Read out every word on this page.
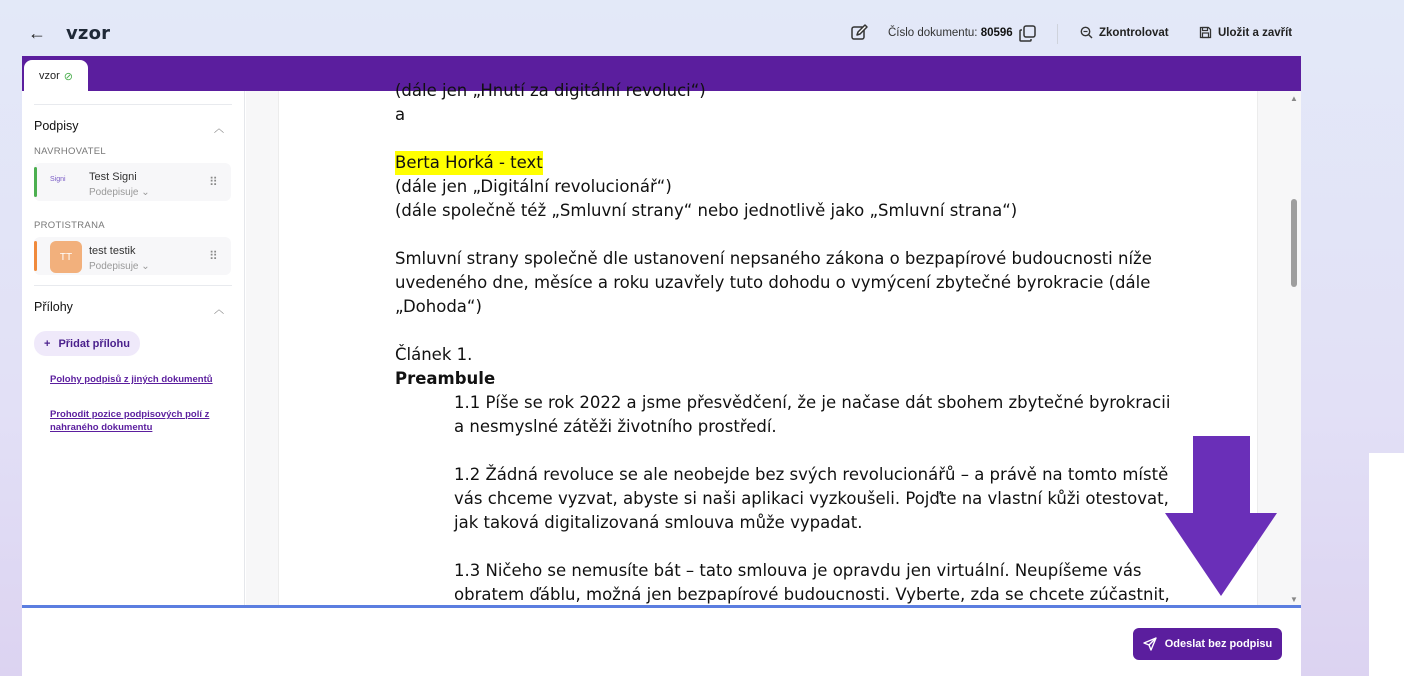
← vzor	Číslo dokumentu: 80596	Zkontrolovat	Uložit a zavřít
vzor ⊘
Podpisy	︿
NAVRHOVATEL
Signi Test Signi
Podepisuje ⌄
⠿
PROTISTRANA
TT	test testik
Podepisuje ⌄
⠿
Přílohy	︿
+ Přidat přílohu
Polohy podpisů z jiných dokumentů
Prohodit pozice podpisových polí z nahraného dokumentu
(dále jen „Hnutí za digitální revoluci“)
a
Berta Horká - text
(dále jen „Digitální revolucionář“)
(dále společně též „Smluvní strany“ nebo jednotlivě jako „Smluvní strana“)
Smluvní strany společně dle ustanovení nepsaného zákona o bezpapírové budoucnosti níže
uvedeného dne, měsíce a roku uzavřely tuto dohodu o vymýcení zbytečné byrokracie (dále
„Dohoda“)
Článek 1.
Preambule
1.1 Píše se rok 2022 a jsme přesvědčení, že je načase dát sbohem zbytečné byrokracii
a nesmyslné zátěži životního prostředí.
1.2 Žádná revoluce se ale neobejde bez svých revolucionářů – a právě na tomto místě
vás chceme vyzvat, abyste si naši aplikaci vyzkoušeli. Pojďte na vlastní kůži otestovat,
jak taková digitalizovaná smlouva může vypadat.
1.3 Ničeho se nemusíte bát – tato smlouva je opravdu jen virtuální. Neupíšeme vás
obratem ďáblu, možná jen bezpapírové budoucnosti. Vyberte, zda se chcete zúčastnit,
▲
▼
Odeslat bez podpisu
